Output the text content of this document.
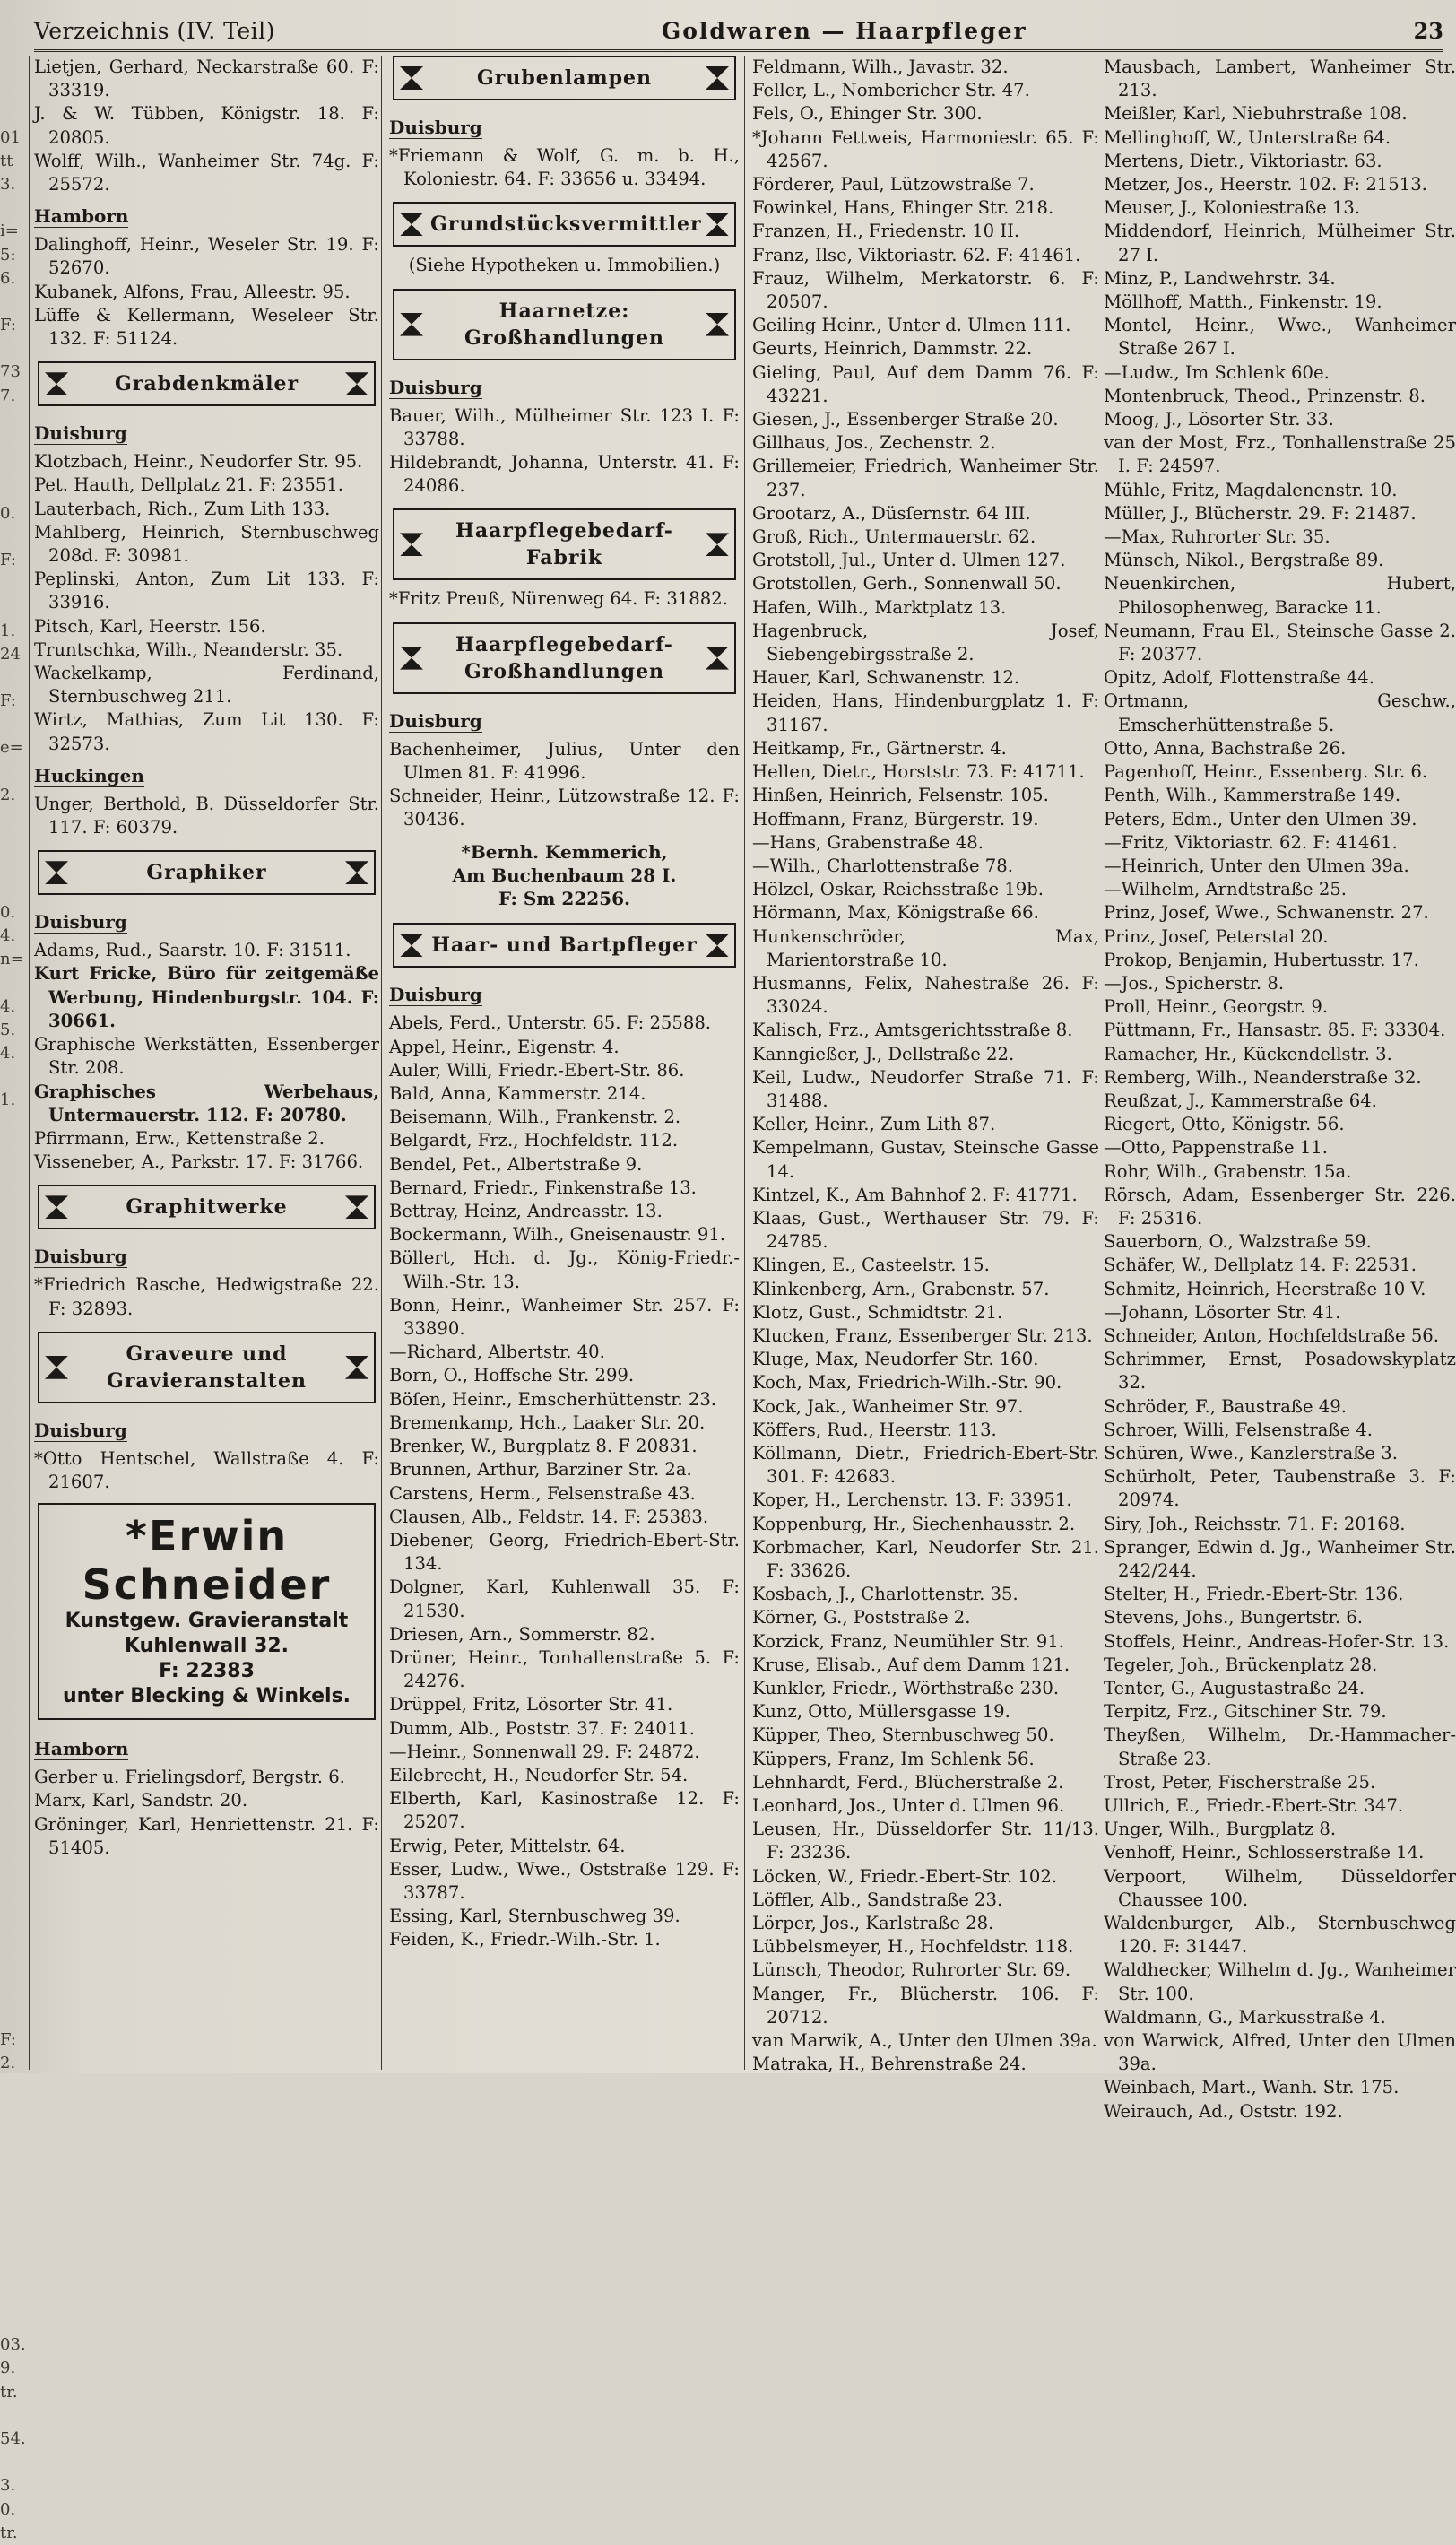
Verzeichnis (IV. Teil)	Goldwaren — Haarpfleger	23
01
tt
3.
i=
5:
6.
F:
73
7.
0.
F:
1.
24
F:
e=
2.
0.
4.
n=
4.
5.
4.
1.
F:
2.
03.
9.
tr.
54.
3.
0.
tr.
Lietjen, Gerhard, Neckarstraße 60. F: 33319.
J. & W. Tübben, Königstr. 18. F: 20805.
Wolff, Wilh., Wanheimer Str. 74g. F: 25572.
Hamborn
Dalinghoff, Heinr., Weseler Str. 19. F: 52670.
Kubanek, Alfons, Frau, Alleestr. 95.
Lüffe & Kellermann, Weseleer Str. 132. F: 51124.
Grabdenkmäler
Duisburg
Klotzbach, Heinr., Neudorfer Str. 95.
Pet. Hauth, Dellplatz 21. F: 23551.
Lauterbach, Rich., Zum Lith 133.
Mahlberg, Heinrich, Sternbuschweg 208d. F: 30981.
Peplinski, Anton, Zum Lit 133. F: 33916.
Pitsch, Karl, Heerstr. 156.
Truntschka, Wilh., Neanderstr. 35.
Wackelkamp, Ferdinand, Sternbuschweg 211.
Wirtz, Mathias, Zum Lit 130. F: 32573.
Huckingen
Unger, Berthold, B. Düsseldorfer Str. 117. F: 60379.
Graphiker
Duisburg
Adams, Rud., Saarstr. 10. F: 31511.
Kurt Fricke, Büro für zeitgemäße Werbung, Hindenburgstr. 104. F: 30661.
Graphische Werkstätten, Essenberger Str. 208.
Graphisches Werbehaus, Untermauerstr. 112. F: 20780.
Pfirrmann, Erw., Kettenstraße 2.
Visseneber, A., Parkstr. 17. F: 31766.
Graphitwerke
Duisburg
*Friedrich Rasche, Hedwigstraße 22. F: 32893.
Graveure und Gravieranstalten
Duisburg
*Otto Hentschel, Wallstraße 4. F: 21607.
*Erwin Schneider
Kunstgew. Gravieranstalt
Kuhlenwall 32.
F: 22383
unter Blecking & Winkels.
Hamborn
Gerber u. Frielingsdorf, Bergstr. 6.
Marx, Karl, Sandstr. 20.
Gröninger, Karl, Henriettenstr. 21. F: 51405.
Grubenlampen
Duisburg
*Friemann & Wolf, G. m. b. H., Koloniestr. 64. F: 33656 u. 33494.
Grundstücksvermittler
(Siehe Hypotheken u. Immobilien.)
Haarnetze: Großhandlungen
Duisburg
Bauer, Wilh., Mülheimer Str. 123 I. F: 33788.
Hildebrandt, Johanna, Unterstr. 41. F: 24086.
Haarpflegebedarf-Fabrik
*Fritz Preuß, Nürenweg 64. F: 31882.
Haarpflegebedarf-Großhandlungen
Duisburg
Bachenheimer, Julius, Unter den Ulmen 81. F: 41996.
Schneider, Heinr., Lützowstraße 12. F: 30436.
*Bernh. Kemmerich,
Am Buchenbaum 28 I.
F: Sm 22256.
Haar- und Bartpfleger
Duisburg
Abels, Ferd., Unterstr. 65. F: 25588.
Appel, Heinr., Eigenstr. 4.
Auler, Willi, Friedr.-Ebert-Str. 86.
Bald, Anna, Kammerstr. 214.
Beisemann, Wilh., Frankenstr. 2.
Belgardt, Frz., Hochfeldstr. 112.
Bendel, Pet., Albertstraße 9.
Bernard, Friedr., Finkenstraße 13.
Bettray, Heinz, Andreasstr. 13.
Bockermann, Wilh., Gneisenaustr. 91.
Böllert, Hch. d. Jg., König-Friedr.-Wilh.-Str. 13.
Bonn, Heinr., Wanheimer Str. 257. F: 33890.
—Richard, Albertstr. 40.
Born, O., Hoffsche Str. 299.
Böſen, Heinr., Emscherhüttenstr. 23.
Bremenkamp, Hch., Laaker Str. 20.
Brenker, W., Burgplatz 8. F 20831.
Brunnen, Arthur, Barziner Str. 2a.
Carstens, Herm., Felsenstraße 43.
Clausen, Alb., Feldstr. 14. F: 25383.
Diebener, Georg, Friedrich-Ebert-Str. 134.
Dolgner, Karl, Kuhlenwall 35. F: 21530.
Driesen, Arn., Sommerstr. 82.
Drüner, Heinr., Tonhallenstraße 5. F: 24276.
Drüppel, Fritz, Lösorter Str. 41.
Dumm, Alb., Poststr. 37. F: 24011.
—Heinr., Sonnenwall 29. F: 24872.
Eilebrecht, H., Neudorfer Str. 54.
Elberth, Karl, Kasinostraße 12. F: 25207.
Erwig, Peter, Mittelstr. 64.
Esser, Ludw., Wwe., Oststraße 129. F: 33787.
Essing, Karl, Sternbuschweg 39.
Feiden, K., Friedr.-Wilh.-Str. 1.
Feldmann, Wilh., Javastr. 32.
Feller, L., Nombericher Str. 47.
Fels, O., Ehinger Str. 300.
*Johann Fettweis, Harmoniestr. 65. F: 42567.
Förderer, Paul, Lützowstraße 7.
Fowinkel, Hans, Ehinger Str. 218.
Franzen, H., Friedenstr. 10 II.
Franz, Ilse, Viktoriastr. 62. F: 41461.
Frauz, Wilhelm, Merkatorstr. 6. F: 20507.
Geiling Heinr., Unter d. Ulmen 111.
Geurts, Heinrich, Dammstr. 22.
Gieling, Paul, Auf dem Damm 76. F: 43221.
Giesen, J., Essenberger Straße 20.
Gillhaus, Jos., Zechenstr. 2.
Grillemeier, Friedrich, Wanheimer Str. 237.
Grootarz, A., Düsſernstr. 64 III.
Groß, Rich., Untermauerstr. 62.
Grotstoll, Jul., Unter d. Ulmen 127.
Grotstollen, Gerh., Sonnenwall 50.
Hafen, Wilh., Marktplatz 13.
Hagenbruck, Josef, Siebengebirgsstraße 2.
Hauer, Karl, Schwanenstr. 12.
Heiden, Hans, Hindenburgplatz 1. F: 31167.
Heitkamp, Fr., Gärtnerstr. 4.
Hellen, Dietr., Horststr. 73. F: 41711.
Hinßen, Heinrich, Felsenstr. 105.
Hoffmann, Franz, Bürgerstr. 19.
—Hans, Grabenstraße 48.
—Wilh., Charlottenstraße 78.
Hölzel, Oskar, Reichsstraße 19b.
Hörmann, Max, Königstraße 66.
Hunkenschröder, Max, Marientorstraße 10.
Husmanns, Felix, Nahestraße 26. F: 33024.
Kalisch, Frz., Amtsgerichtsstraße 8.
Kanngießer, J., Dellstraße 22.
Keil, Ludw., Neudorfer Straße 71. F: 31488.
Keller, Heinr., Zum Lith 87.
Kempelmann, Gustav, Steinsche Gasse 14.
Kintzel, K., Am Bahnhof 2. F: 41771.
Klaas, Gust., Werthauser Str. 79. F: 24785.
Klingen, E., Casteelstr. 15.
Klinkenberg, Arn., Grabenstr. 57.
Klotz, Gust., Schmidtstr. 21.
Klucken, Franz, Essenberger Str. 213.
Kluge, Max, Neudorfer Str. 160.
Koch, Max, Friedrich-Wilh.-Str. 90.
Kock, Jak., Wanheimer Str. 97.
Köffers, Rud., Heerstr. 113.
Köllmann, Dietr., Friedrich-Ebert-Str. 301. F: 42683.
Koper, H., Lerchenstr. 13. F: 33951.
Koppenburg, Hr., Siechenhausstr. 2.
Korbmacher, Karl, Neudorfer Str. 21. F: 33626.
Kosbach, J., Charlottenstr. 35.
Körner, G., Poststraße 2.
Korzick, Franz, Neumühler Str. 91.
Kruse, Elisab., Auf dem Damm 121.
Kunkler, Friedr., Wörthstraße 230.
Kunz, Otto, Müllersgasse 19.
Küpper, Theo, Sternbuschweg 50.
Küppers, Franz, Im Schlenk 56.
Lehnhardt, Ferd., Blücherstraße 2.
Leonhard, Jos., Unter d. Ulmen 96.
Leusen, Hr., Düsseldorfer Str. 11/13. F: 23236.
Löcken, W., Friedr.-Ebert-Str. 102.
Löffler, Alb., Sandstraße 23.
Lörper, Jos., Karlstraße 28.
Lübbelsmeyer, H., Hochfeldstr. 118.
Lünsch, Theodor, Ruhrorter Str. 69.
Manger, Fr., Blücherstr. 106. F: 20712.
van Marwik, A., Unter den Ulmen 39a.
Matraka, H., Behrenstraße 24.
Mausbach, Lambert, Wanheimer Str. 213.
Meißler, Karl, Niebuhrstraße 108.
Mellinghoff, W., Unterstraße 64.
Mertens, Dietr., Viktoriastr. 63.
Metzer, Jos., Heerstr. 102. F: 21513.
Meuser, J., Koloniestraße 13.
Middendorf, Heinrich, Mülheimer Str. 27 I.
Minz, P., Landwehrstr. 34.
Möllhoff, Matth., Finkenstr. 19.
Montel, Heinr., Wwe., Wanheimer Straße 267 I.
—Ludw., Im Schlenk 60e.
Montenbruck, Theod., Prinzenstr. 8.
Moog, J., Lösorter Str. 33.
van der Most, Frz., Tonhallenstraße 25 I. F: 24597.
Mühle, Fritz, Magdalenenstr. 10.
Müller, J., Blücherstr. 29. F: 21487.
—Max, Ruhrorter Str. 35.
Münsch, Nikol., Bergstraße 89.
Neuenkirchen, Hubert, Philosophenweg, Baracke 11.
Neumann, Frau El., Steinsche Gasse 2. F: 20377.
Opitz, Adolf, Flottenstraße 44.
Ortmann, Geschw., Emscherhüttenstraße 5.
Otto, Anna, Bachstraße 26.
Pagenhoff, Heinr., Essenberg. Str. 6.
Penth, Wilh., Kammerstraße 149.
Peters, Edm., Unter den Ulmen 39.
—Fritz, Viktoriastr. 62. F: 41461.
—Heinrich, Unter den Ulmen 39a.
—Wilhelm, Arndtstraße 25.
Prinz, Josef, Wwe., Schwanenstr. 27.
Prinz, Josef, Peterstal 20.
Prokop, Benjamin, Hubertusstr. 17.
—Jos., Spicherstr. 8.
Proll, Heinr., Georgstr. 9.
Püttmann, Fr., Hansastr. 85. F: 33304.
Ramacher, Hr., Kückendellstr. 3.
Remberg, Wilh., Neanderstraße 32.
Reußzat, J., Kammerstraße 64.
Riegert, Otto, Königstr. 56.
—Otto, Pappenstraße 11.
Rohr, Wilh., Grabenstr. 15a.
Rörsch, Adam, Essenberger Str. 226. F: 25316.
Sauerborn, O., Walzstraße 59.
Schäfer, W., Dellplatz 14. F: 22531.
Schmitz, Heinrich, Heerstraße 10 V.
—Johann, Lösorter Str. 41.
Schneider, Anton, Hochfeldstraße 56.
Schrimmer, Ernst, Posadowskyplatz 32.
Schröder, F., Baustraße 49.
Schroer, Willi, Felsenstraße 4.
Schüren, Wwe., Kanzlerstraße 3.
Schürholt, Peter, Taubenstraße 3. F: 20974.
Siry, Joh., Reichsstr. 71. F: 20168.
Spranger, Edwin d. Jg., Wanheimer Str. 242/244.
Stelter, H., Friedr.-Ebert-Str. 136.
Stevens, Johs., Bungertstr. 6.
Stoffels, Heinr., Andreas-Hofer-Str. 13.
Tegeler, Joh., Brückenplatz 28.
Tenter, G., Augustastraße 24.
Terpitz, Frz., Gitschiner Str. 79.
Theyßen, Wilhelm, Dr.-Hammacher-Straße 23.
Trost, Peter, Fischerstraße 25.
Ullrich, E., Friedr.-Ebert-Str. 347.
Unger, Wilh., Burgplatz 8.
Venhoff, Heinr., Schlosserstraße 14.
Verpoort, Wilhelm, Düsseldorfer Chaussee 100.
Waldenburger, Alb., Sternbuschweg 120. F: 31447.
Waldhecker, Wilhelm d. Jg., Wanheimer Str. 100.
Waldmann, G., Markusstraße 4.
von Warwick, Alfred, Unter den Ulmen 39a.
Weinbach, Mart., Wanh. Str. 175.
Weirauch, Ad., Oststr. 192.
